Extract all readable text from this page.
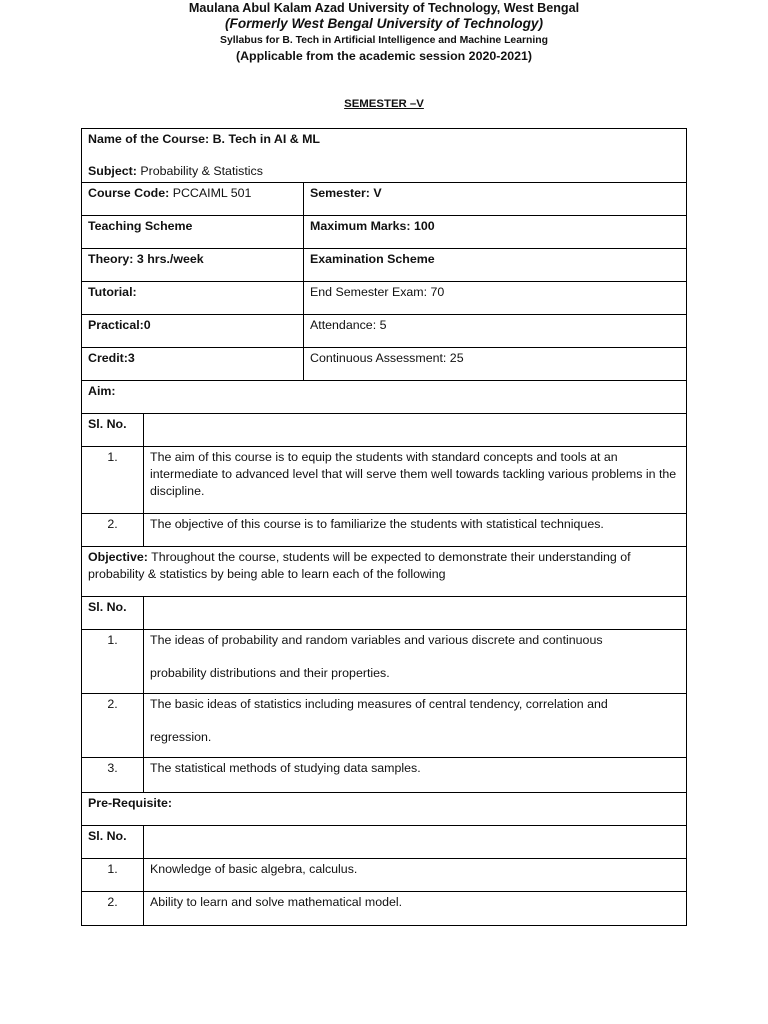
Maulana Abul Kalam Azad University of Technology, West Bengal
(Formerly West Bengal University of Technology)
Syllabus for B. Tech in Artificial Intelligence and Machine Learning
(Applicable from the academic session 2020-2021)
SEMESTER –V
Name of the Course: B. Tech in AI & ML
Subject: Probability & Statistics		
Course Code: PCCAIML 501		Semester: V
Teaching Scheme		Maximum Marks: 100
Theory: 3 hrs./week		Examination Scheme
Tutorial:		End Semester Exam: 70
Practical:0		Attendance: 5
Credit:3		Continuous Assessment: 25
Aim:		
Sl. No.		
1.	The aim of this course is to equip the students with standard concepts and tools at an intermediate to advanced level that will serve them well towards tackling various problems in the discipline.	
2.	The objective of this course is to familiarize the students with statistical techniques.	
Objective: Throughout the course, students will be expected to demonstrate their understanding of probability & statistics by being able to learn each of the following		
Sl. No.		
1.	The ideas of probability and random variables and various discrete and continuous
probability distributions and their properties.	
2.	The basic ideas of statistics including measures of central tendency, correlation and
regression.	
3.	The statistical methods of studying data samples.	
Pre-Requisite:		
Sl. No.		
1.	Knowledge of basic algebra, calculus.	
2.	Ability to learn and solve mathematical model.	
